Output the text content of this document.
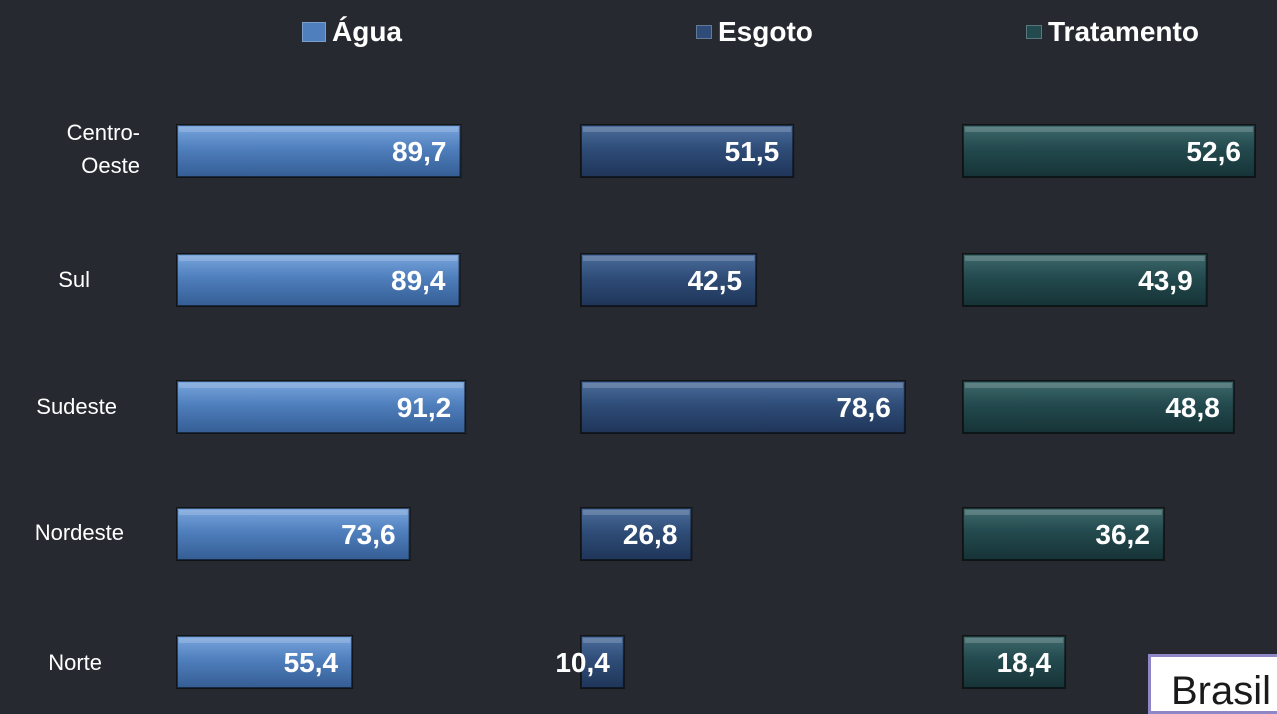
89,7
89,4
91,2
73,6
55,4
51,5
42,5
78,6
26,8
10,4
52,6
43,9
48,8
36,2
18,4
Água	Esgoto	Tratamento
Centro-
Oeste
Sul
Sudeste
Nordeste
Norte
Brasil
